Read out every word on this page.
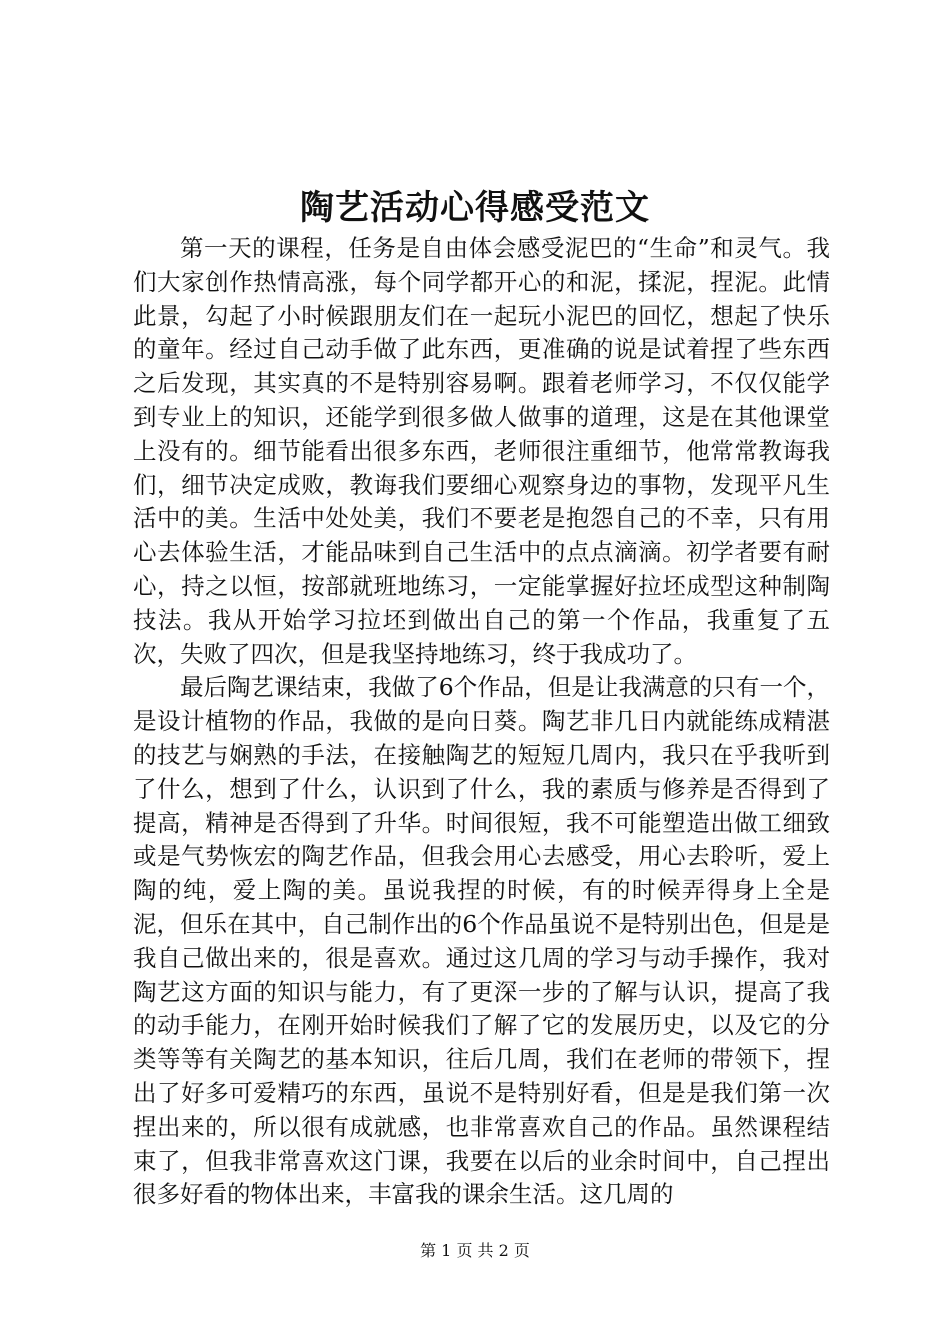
陶艺活动心得感受范文

第一天的课程，任务是自由体会感受泥巴的“生命”和灵气。我们大家创作热情高涨，每个同学都开心的和泥，揉泥，捏泥。此情此景，勾起了小时候跟朋友们在一起玩小泥巴的回忆，想起了快乐的童年。经过自己动手做了此东西，更准确的说是试着捏了些东西之后发现，其实真的不是特别容易啊。跟着老师学习，不仅仅能学到专业上的知识，还能学到很多做人做事的道理，这是在其他课堂上没有的。细节能看出很多东西，老师很注重细节，他常常教诲我们，细节决定成败，教诲我们要细心观察身边的事物，发现平凡生活中的美。生活中处处美，我们不要老是抱怨自己的不幸，只有用心去体验生活，才能品味到自己生活中的点点滴滴。初学者要有耐心，持之以恒，按部就班地练习，一定能掌握好拉坯成型这种制陶技法。我从开始学习拉坯到做出自己的第一个作品，我重复了五次，失败了四次，但是我坚持地练习，终于我成功了。

最后陶艺课结束，我做了6个作品，但是让我满意的只有一个，是设计植物的作品，我做的是向日葵。陶艺非几日内就能练成精湛的技艺与娴熟的手法，在接触陶艺的短短几周内，我只在乎我听到了什么，想到了什么，认识到了什么，我的素质与修养是否得到了提高，精神是否得到了升华。时间很短，我不可能塑造出做工细致或是气势恢宏的陶艺作品，但我会用心去感受，用心去聆听，爱上陶的纯，爱上陶的美。虽说我捏的时候，有的时候弄得身上全是泥，但乐在其中，自己制作出的6个作品虽说不是特别出色，但是是我自己做出来的，很是喜欢。通过这几周的学习与动手操作，我对陶艺这方面的知识与能力，有了更深一步的了解与认识，提高了我的动手能力，在刚开始时候我们了解了它的发展历史，以及它的分类等等有关陶艺的基本知识，往后几周，我们在老师的带领下，捏出了好多可爱精巧的东西，虽说不是特别好看，但是是我们第一次捏出来的，所以很有成就感，也非常喜欢自己的作品。虽然课程结束了，但我非常喜欢这门课，我要在以后的业余时间中，自己捏出很多好看的物体出来，丰富我的课余生活。这几周的

第 1 页 共 2 页
